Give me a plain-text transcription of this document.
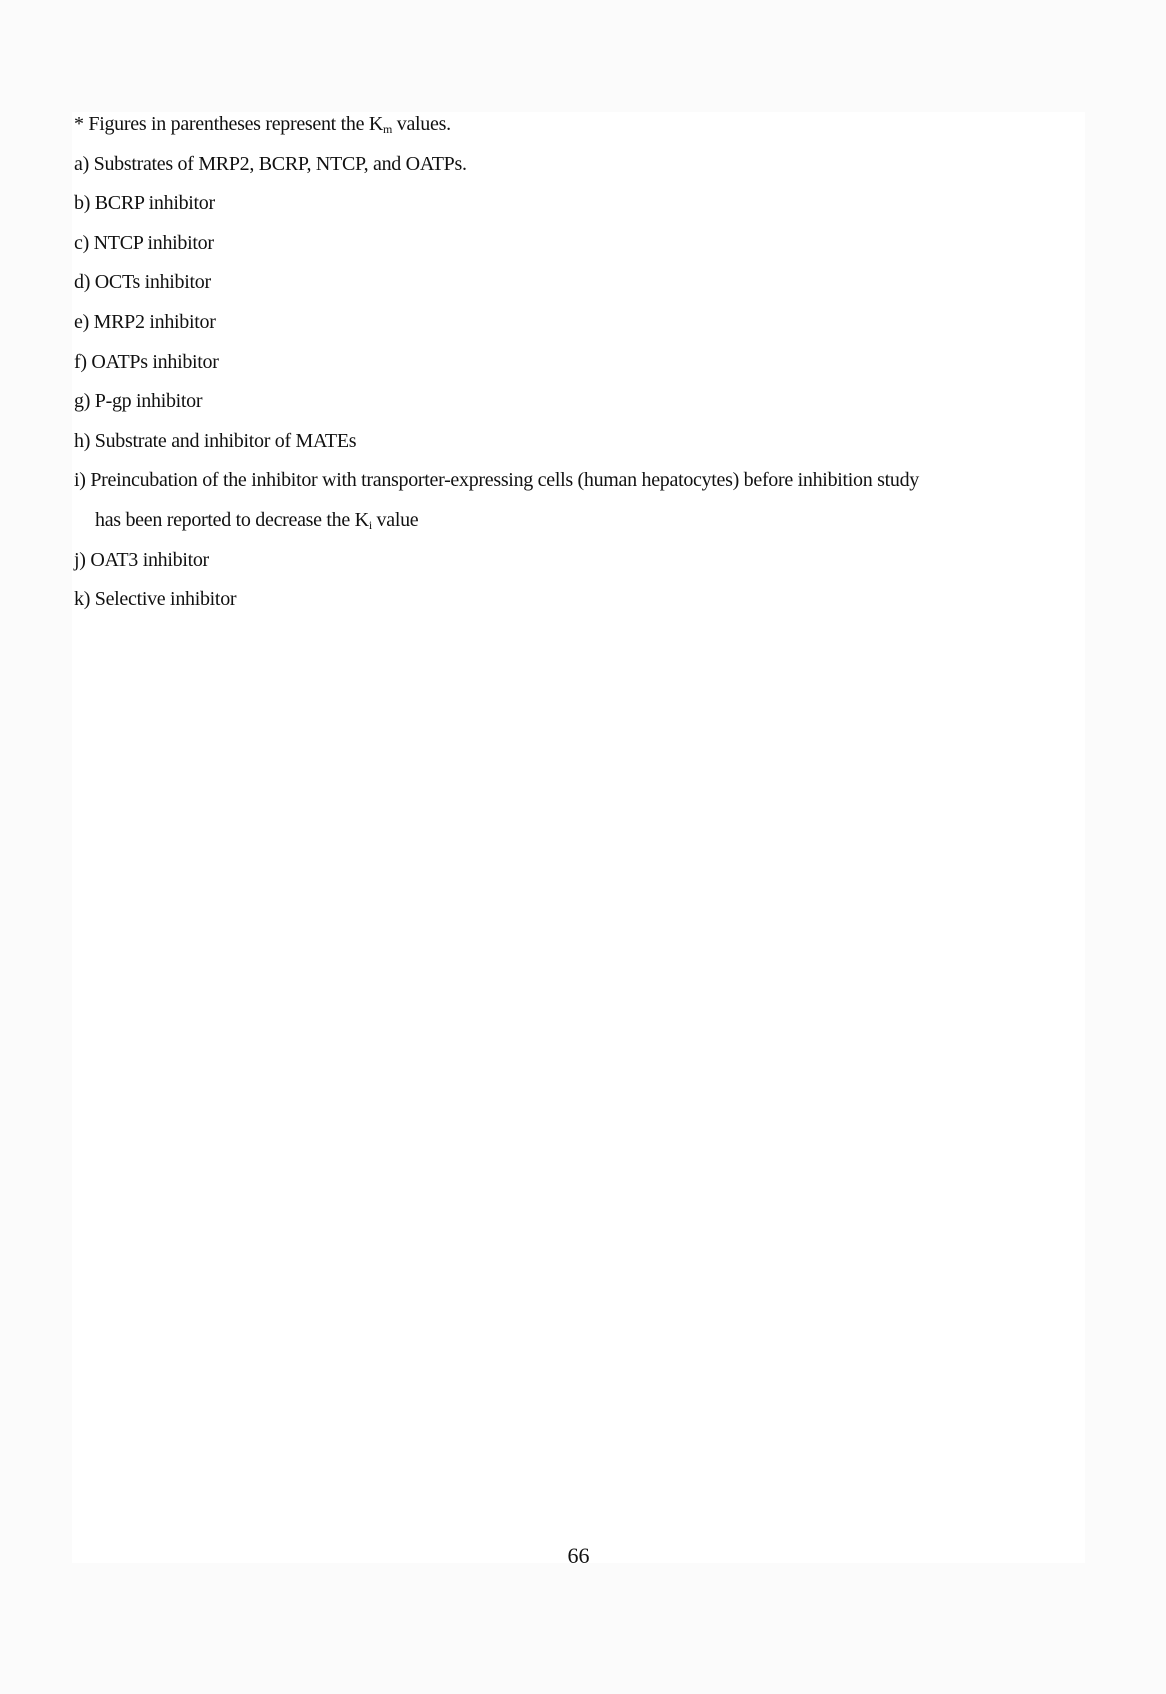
* Figures in parentheses represent the $K_m$ values.
a) Substrates of MRP2, BCRP, NTCP, and OATPs.
b) BCRP inhibitor
c) NTCP inhibitor
d) OCTs inhibitor
e) MRP2 inhibitor
f) OATPs inhibitor
g) P-gp inhibitor
h) Substrate and inhibitor of MATEs
i) Preincubation of the inhibitor with transporter-expressing cells (human hepatocytes) before inhibition study
has been reported to decrease the $K_i$ value
j) OAT3 inhibitor
k) Selective inhibitor
66
